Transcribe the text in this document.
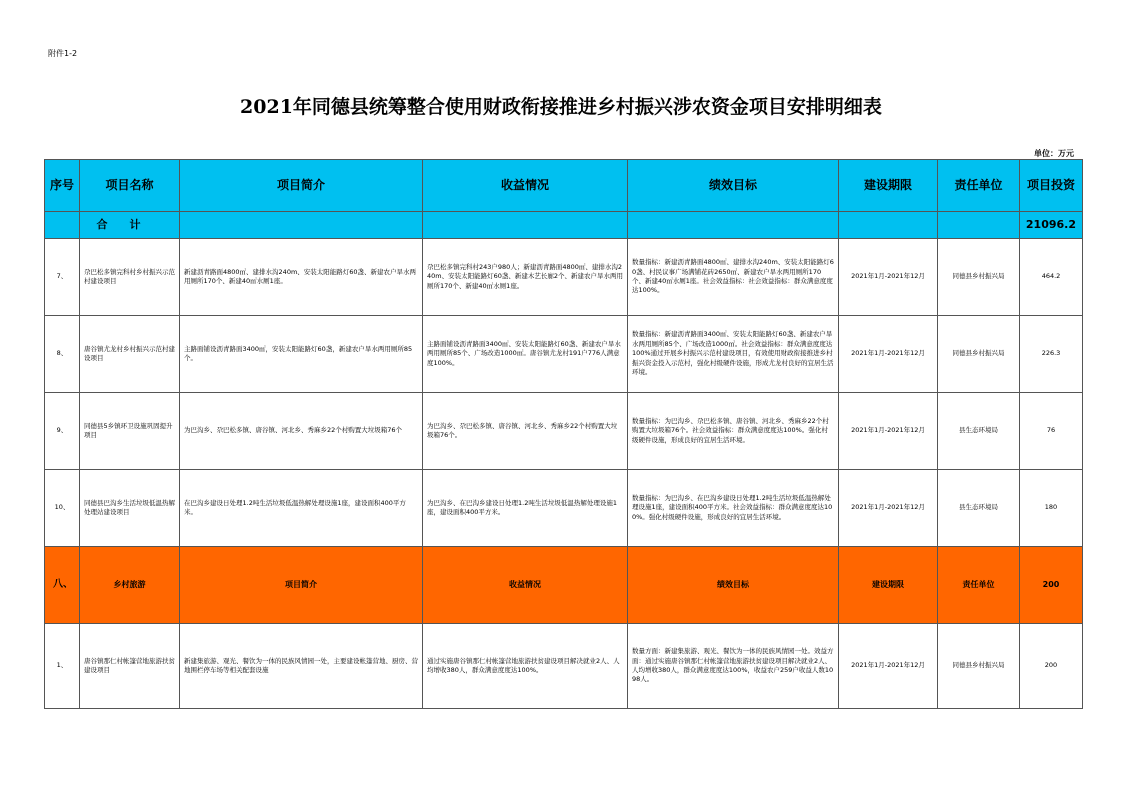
附件1-2
2021年同德县统筹整合使用财政衔接推进乡村振兴涉农资金项目安排明细表
单位：万元
序号	项目名称	项目简介	收益情况	绩效目标	建设期限	责任单位	项目投资
	合计						21096.2
7、	尕巴松多镇完科村乡村振兴示范村建设项目	新建沥青路面4800㎡、建排水沟240m、安装太阳能路灯60盏、新建农户旱水两用厕所170个、新建40㎡水厕1座。	尕巴松多镇完科村243户980人；新建沥青路面4800㎡、建排水沟240m、安装太阳能路灯60盏、新建木艺长廊2个、新建农户旱水两用厕所170个、新建40㎡水厕1座。	数量指标：新建沥青路面4800㎡、建排水沟240m、安装太阳能路灯60盏、村民议事广场满铺花砖2650㎡、新建农户旱水两用厕所170个、新建40㎡水厕1座。社会效益指标：社会效益指标：群众满意度度达100%。	2021年1月-2021年12月	同德县乡村振兴局	464.2
8、	唐谷镇尤龙村乡村振兴示范村建设项目	主路面铺设沥青路面3400㎡，安装太阳能路灯60盏，新建农户旱水两用厕所85个。	主路面铺设沥青路面3400㎡、安装太阳能路灯60盏、新建农户旱水两用厕所85个、广场改造1000㎡。唐谷镇尤龙村191户776人满意度100%。	数量指标：新建沥青路面3400㎡、安装太阳能路灯60盏、新建农户旱水两用厕所85个、广场改造1000㎡。社会效益指标：群众满意度度达100%通过开展乡村振兴示范村建设项目，有效使用财政衔接推进乡村振兴资金投入示范村，强化村级硬件设施，形成尤龙村良好的宜居生活环境。	2021年1月-2021年12月	同德县乡村振兴局	226.3
9、	同德县5乡镇环卫设施巩固提升项目	为巴沟乡、尕巴松多镇、唐谷镇、河北乡、秀麻乡22个村购置大垃圾箱76个	为巴沟乡、尕巴松多镇、唐谷镇、河北乡、秀麻乡22个村购置大垃圾箱76个。	数量指标：为巴沟乡、尕巴松多镇、唐谷镇、河北乡、秀麻乡22个村购置大垃圾箱76个。社会效益指标：群众满意度度达100%。强化村级硬件设施，形成良好的宜居生活环境。	2021年1月-2021年12月	县生态环境局	76
10、	同德县巴沟乡生活垃圾低温热解处理站建设项目	在巴沟乡建设日处理1.2吨生活垃圾低温热解处理设施1座，建设面积400平方米。	为巴沟乡、在巴沟乡建设日处理1.2吨生活垃圾低温热解处理设施1座，建设面积400平方米。	数量指标：为巴沟乡、在巴沟乡建设日处理1.2吨生活垃圾低温热解处理设施1座，建设面积400平方米。社会效益指标：群众满意度度达100%。强化村级硬件设施，形成良好的宜居生活环境。	2021年1月-2021年12月	县生态环境局	180
八、	乡村旅游	项目简介	收益情况	绩效目标	建设期限	责任单位	200
1、	唐谷镇那仁村帐篷营地旅游扶贫建设项目	新建集旅游、观光、餐饮为一体的民族风情园一处，主要建设帐篷营地、厨房、营地围栏停车场等相关配套设施	通过实施唐谷镇那仁村帐篷营地旅游扶贫建设项目解决就业2人、人均增收380人，群众满意度度达100%。	数量方面：新建集旅游、观光、餐饮为一体的民族风情园一处。效益方面：通过实施唐谷镇那仁村帐篷营地旅游扶贫建设项目解决就业2人、人均增收380人，群众满意度度达100%，收益农户259户收益人数1098人。	2021年1月-2021年12月	同德县乡村振兴局	200
